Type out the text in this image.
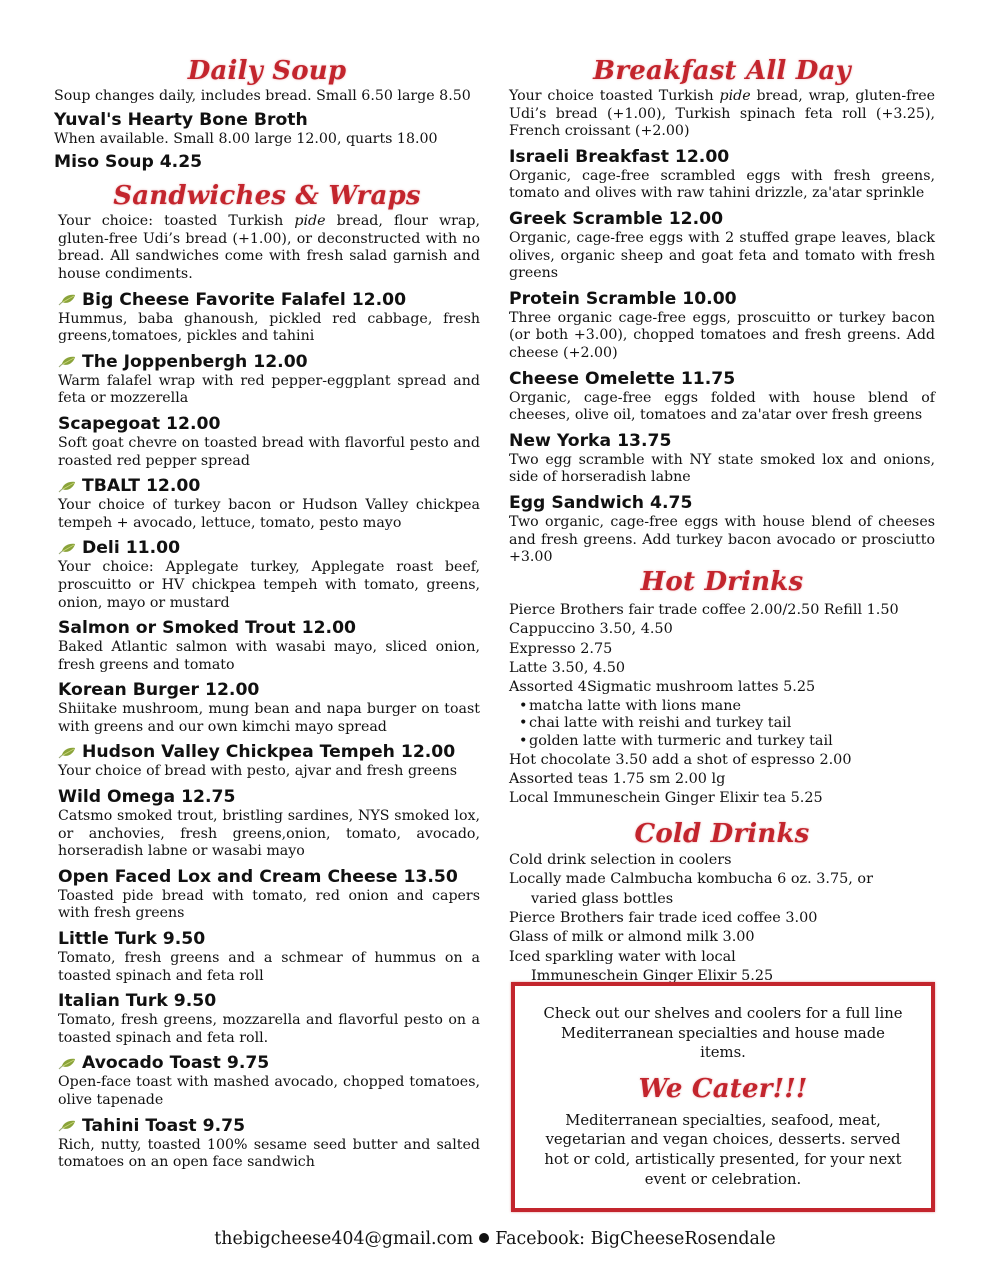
Daily Soup

Soup changes daily, includes bread. Small 6.50 large 8.50

Yuval's Hearty Bone Broth

When available. Small 8.00 large 12.00, quarts 18.00

Miso Soup 4.25
Sandwiches & Wraps

Your choice: toasted Turkish pide bread, flour wrap, gluten-free Udi’s bread (+1.00), or deconstructed with no bread. All sandwiches come with fresh salad garnish and house condiments.

Big Cheese Favorite Falafel 12.00

Hummus, baba ghanoush, pickled red cabbage, fresh greens,tomatoes, pickles and tahini

The Joppenbergh 12.00

Warm falafel wrap with red pepper-eggplant spread and feta or mozzerella

Scapegoat 12.00

Soft goat chevre on toasted bread with flavorful pesto and roasted red pepper spread

TBALT 12.00

Your choice of turkey bacon or Hudson Valley chickpea tempeh + avocado, lettuce, tomato, pesto mayo

Deli 11.00

Your choice: Applegate turkey, Applegate roast beef, proscuitto or HV chickpea tempeh with tomato, greens, onion, mayo or mustard

Salmon or Smoked Trout 12.00

Baked Atlantic salmon with wasabi mayo, sliced onion, fresh greens and tomato

Korean Burger 12.00

Shiitake mushroom, mung bean and napa burger on toast with greens and our own kimchi mayo spread

Hudson Valley Chickpea Tempeh 12.00

Your choice of bread with pesto, ajvar and fresh greens

Wild Omega 12.75

Catsmo smoked trout, bristling sardines, NYS smoked lox, or anchovies, fresh greens,onion, tomato, avocado, horseradish labne or wasabi mayo

Open Faced Lox and Cream Cheese 13.50

Toasted pide bread with tomato, red onion and capers with fresh greens

Little Turk 9.50

Tomato, fresh greens and a schmear of hummus on a toasted spinach and feta roll

Italian Turk 9.50

Tomato, fresh greens, mozzarella and flavorful pesto on a toasted spinach and feta roll.

Avocado Toast 9.75

Open-face toast with mashed avocado, chopped tomatoes, olive tapenade

Tahini Toast 9.75

Rich, nutty, toasted 100% sesame seed butter and salted tomatoes on an open face sandwich

Breakfast All Day

Your choice toasted Turkish pide bread, wrap, gluten-free Udi’s bread (+1.00), Turkish spinach feta roll (+3.25), French croissant (+2.00)

Israeli Breakfast 12.00

Organic, cage-free scrambled eggs with fresh greens, tomato and olives with raw tahini drizzle, za'atar sprinkle

Greek Scramble 12.00

Organic, cage-free eggs with 2 stuffed grape leaves, black olives, organic sheep and goat feta and tomato with fresh greens

Protein Scramble 10.00

Three organic cage-free eggs, proscuitto or turkey bacon (or both +3.00), chopped tomatoes and fresh greens. Add cheese (+2.00)

Cheese Omelette 11.75

Organic, cage-free eggs folded with house blend of cheeses, olive oil, tomatoes and za'atar over fresh greens

New Yorka 13.75

Two egg scramble with NY state smoked lox and onions, side of horseradish labne

Egg Sandwich 4.75

Two organic, cage-free eggs with house blend of cheeses and fresh greens. Add turkey bacon avocado or prosciutto +3.00

Hot Drinks

Pierce Brothers fair trade coffee 2.00/2.50 Refill 1.50

Cappuccino 3.50, 4.50

Expresso 2.75

Latte 3.50, 4.50

Assorted 4Sigmatic mushroom lattes 5.25

• matcha latte with lions mane

• chai latte with reishi and turkey tail

• golden latte with turmeric and turkey tail

Hot chocolate 3.50 add a shot of espresso 2.00

Assorted teas 1.75 sm 2.00 lg

Local Immuneschein Ginger Elixir tea 5.25

Cold Drinks

Cold drink selection in coolers

Locally made Calmbucha kombucha 6 oz. 3.75, or

varied glass bottles

Pierce Brothers fair trade iced coffee 3.00

Glass of milk or almond milk 3.00

Iced sparkling water with local

Immuneschein Ginger Elixir 5.25

Check out our shelves and coolers for a full line Mediterranean specialties and house made items.
We Cater!!!
Mediterranean specialties, seafood, meat, vegetarian and vegan choices, desserts. served hot or cold, artistically presented, for your next event or celebration.
thebigcheese404@gmail.com Facebook: BigCheeseRosendale
